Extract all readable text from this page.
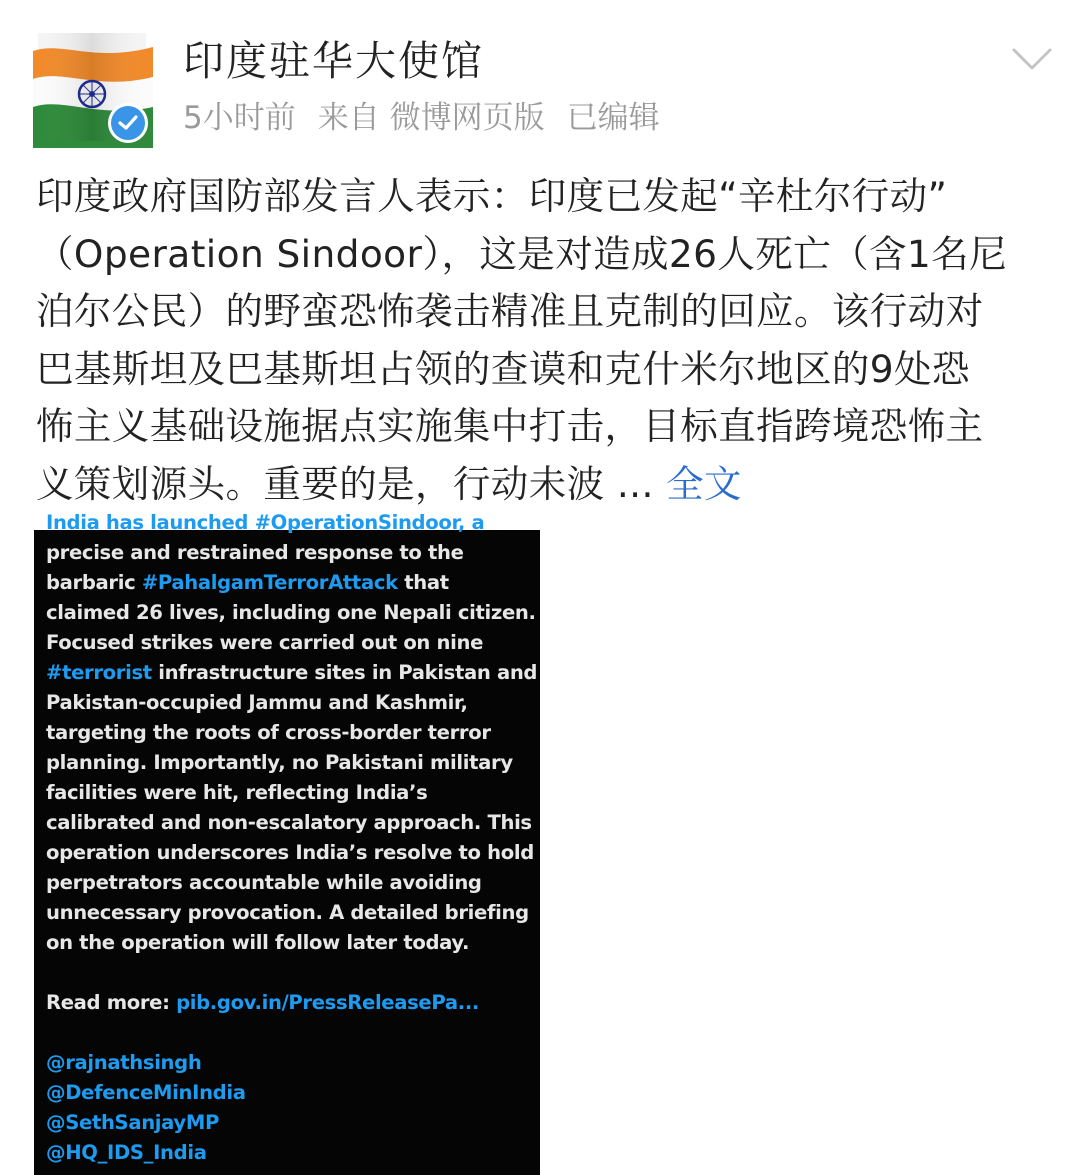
印度驻华大使馆
5小时前 来自 微博网页版 已编辑
印度政府国防部发言人表示：印度已发起“辛杜尔行动”
（Operation Sindoor），这是对造成26人死亡（含1名尼
泊尔公民）的野蛮恐怖袭击精准且克制的回应。该行动对
巴基斯坦及巴基斯坦占领的查谟和克什米尔地区的9处恐
怖主义基础设施据点实施集中打击，目标直指跨境恐怖主
义策划源头。重要的是，行动未波 ... 全文
India has launched #OperationSindoor, a
precise and restrained response to the
barbaric #PahalgamTerrorAttack that
claimed 26 lives, including one Nepali citizen.
Focused strikes were carried out on nine
#terrorist infrastructure sites in Pakistan and
Pakistan-occupied Jammu and Kashmir,
targeting the roots of cross-border terror
planning. Importantly, no Pakistani military
facilities were hit, reflecting India’s
calibrated and non-escalatory approach. This
operation underscores India’s resolve to hold
perpetrators accountable while avoiding
unnecessary provocation. A detailed briefing
on the operation will follow later today.
Read more: pib.gov.in/PressReleasePa...
@rajnathsingh
@DefenceMinIndia
@SethSanjayMP
@HQ_IDS_India
